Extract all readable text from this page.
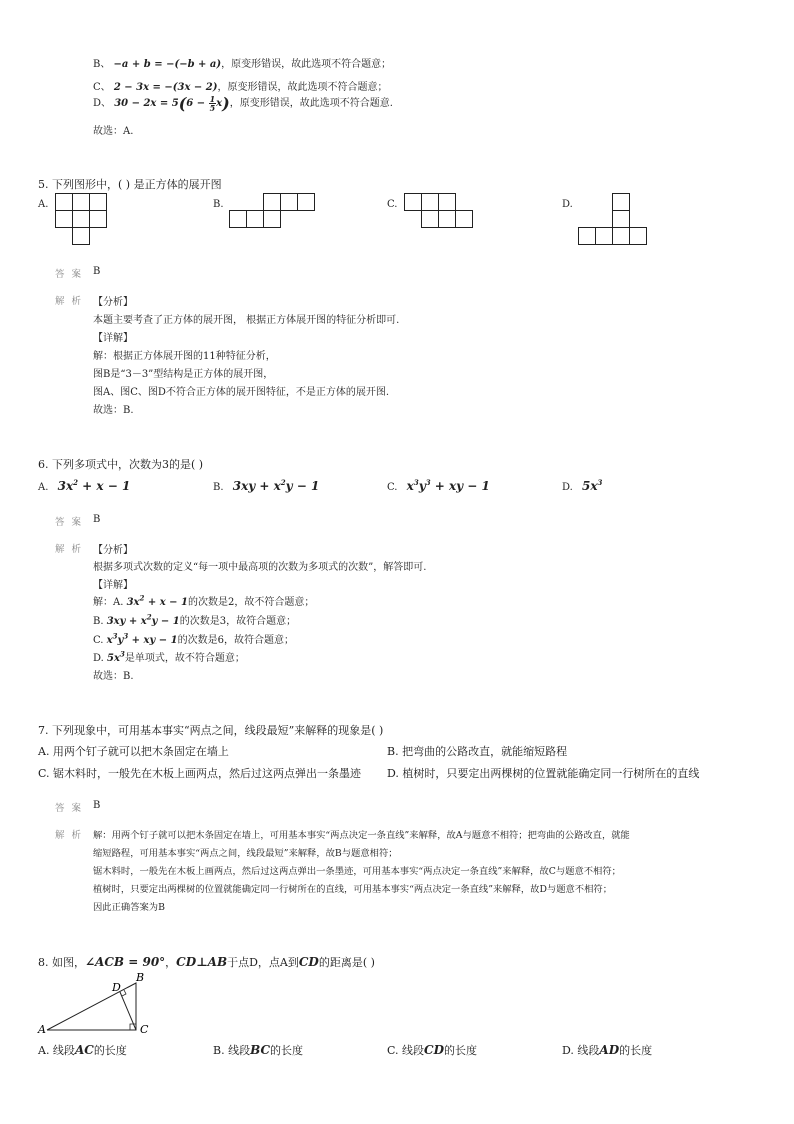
B、 −a + b = −(−b + a)，原变形错误，故此选项不符合题意；
C、 2 − 3x = −(3x − 2)，原变形错误，故此选项不符合题意；
D、 $30 - 2x = 5(6 - \frac{1}{5} x)$，原变形错误，故此选项不符合题意.
故选：A.
5. 下列图形中，( ) 是正方体的展开图
A.	B.	C.	D.
答 案 B
解 析 【分析】
本题主要考查了正方体的展开图， 根据正方体展开图的特征分析即可.
【详解】
解：根据正方体展开图的11种特征分析，
图B是“3－3”型结构是正方体的展开图，
图A、图C、图D不符合正方体的展开图特征，不是正方体的展开图.
故选：B.
6. 下列多项式中，次数为3的是( )
A. $3x^2 + x - 1$	B. $3xy + x^2y - 1$	C. $x^3y^3$ + xy − 1	D. $5x^3$
答 案 B
解 析 【分析】
根据多项式次数的定义“每一项中最高项的次数为多项式的次数”，解答即可.
【详解】
解：A. $3x^2 + x - 1$的次数是2，故不符合题意；
B. $3xy + x^2y - 1$的次数是3，故符合题意；
C. $x^3y^3$ + xy − 1的次数是6，故符合题意；
D. $5x^3$是单项式，故不符合题意；
故选：B.
7. 下列现象中，可用基本事实“两点之间，线段最短”来解释的现象是( )
A. 用两个钉子就可以把木条固定在墙上	B. 把弯曲的公路改直，就能缩短路程
C. 锯木料时，一般先在木板上画两点，然后过这两点弹出一条墨迹 D. 植树时，只要定出两棵树的位置就能确定同一行树所在的直线
答 案 B
解 析 解：用两个钉子就可以把木条固定在墙上，可用基本事实“两点决定一条直线”来解释，故A与题意不相符；把弯曲的公路改直，就能
缩短路程，可用基本事实“两点之间，线段最短”来解释，故B与题意相符；
锯木料时，一般先在木板上画两点，然后过这两点弹出一条墨迹，可用基本事实“两点决定一条直线”来解释，故C与题意不相符；
植树时，只要定出两棵树的位置就能确定同一行树所在的直线，可用基本事实“两点决定一条直线”来解释，故D与题意不相符；
因此正确答案为B
8. 如图，∠ACB = 90°，CD⊥AB于点D，点A到CD的距离是( )
A
B
C
D
A. 线段AC的长度	B. 线段BC的长度	C. 线段CD的长度	D. 线段AD的长度
